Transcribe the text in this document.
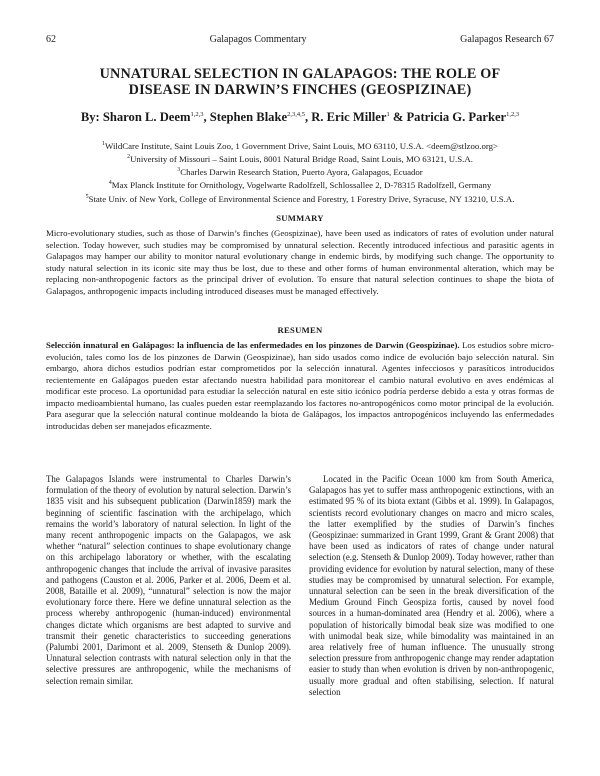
62	Galapagos Commentary	Galapagos Research 67
UNNATURAL SELECTION IN GALAPAGOS: THE ROLE OF
DISEASE IN DARWIN’S FINCHES (GEOSPIZINAE)
By: Sharon L. Deem$^{1,2,3}$, Stephen Blake$^{2,3,4,5}$, R. Eric Miller$^1$ & Patricia G. Parker$^{1,2,3}$
$^1$WildCare Institute, Saint Louis Zoo, 1 Government Drive, Saint Louis, MO 63110, U.S.A. <deem@stlzoo.org>
$^2$University of Missouri – Saint Louis, 8001 Natural Bridge Road, Saint Louis, MO 63121, U.S.A.
$^3$Charles Darwin Research Station, Puerto Ayora, Galapagos, Ecuador
$^4$Max Planck Institute for Ornithology, Vogelwarte Radolfzell, Schlossallee 2, D-78315 Radolfzell, Germany
$^5$State Univ. of New York, College of Environmental Science and Forestry, 1 Forestry Drive, Syracuse, NY 13210, U.S.A.
SUMMARY
Micro-evolutionary studies, such as those of Darwin’s finches (Geospizinae), have been used as indicators of rates of evolution under natural selection. Today however, such studies may be compromised by unnatural selection. Recently introduced infectious and parasitic agents in Galapagos may hamper our ability to monitor natural evolutionary change in endemic birds, by modifying such change. The opportunity to study natural selection in its iconic site may thus be lost, due to these and other forms of human environmental alteration, which may be replacing non-anthropogenic factors as the principal driver of evolution. To ensure that natural selection continues to shape the biota of Galapagos, anthropogenic impacts including introduced diseases must be managed effectively.
RESUMEN
Selección innatural en Galápagos: la influencia de las enfermedades en los pinzones de Darwin (Geospizinae). Los estudios sobre micro-evolución, tales como los de los pinzones de Darwin (Geospizinae), han sido usados como indice de evolución bajo selección natural. Sin embargo, ahora dichos estudios podrían estar comprometidos por la selección innatural. Agentes infecciosos y parasíticos introducidos recientemente en Galápagos pueden estar afectando nuestra habilidad para monitorear el cambio natural evolutivo en aves endémicas al modificar este proceso. La oportunidad para estudiar la selección natural en este sitio icónico podría perderse debido a esta y otras formas de impacto medioambiental humano, las cuales pueden estar reemplazando los factores no-antropogénicos como motor principal de la evolución. Para asegurar que la selección natural continue moldeando la biota de Galápagos, los impactos antropogénicos incluyendo las enfermedades introducidas deben ser manejados eficazmente.

The Galapagos Islands were instrumental to Charles Darwin’s formulation of the theory of evolution by natural selection. Darwin’s 1835 visit and his subsequent publication (Darwin1859) mark the beginning of scientific fascination with the archipelago, which remains the world’s laboratory of natural selection. In light of the many recent anthropogenic impacts on the Galapagos, we ask whether “natural” selection continues to shape evolutionary change on this archipelago laboratory or whether, with the escalating anthropogenic changes that include the arrival of invasive parasites and pathogens (Causton et al. 2006, Parker et al. 2006, Deem et al. 2008, Bataille et al. 2009), “unnatural” selection is now the major evolutionary force there. Here we define unnatural selection as the process whereby anthropogenic (human-induced) environmental changes dictate which organisms are best adapted to survive and transmit their genetic characteristics to succeeding generations (Palumbi 2001, Darimont et al. 2009, Stenseth & Dunlop 2009). Unnatural selection contrasts with natural selection only in that the selective pressures are anthropogenic, while the mechanisms of selection remain similar.

Located in the Pacific Ocean 1000 km from South America, Galapagos has yet to suffer mass anthropogenic extinctions, with an estimated 95 % of its biota extant (Gibbs et al. 1999). In Galapagos, scientists record evolutionary changes on macro and micro scales, the latter exemplified by the studies of Darwin’s finches (Geospizinae: summarized in Grant 1999, Grant & Grant 2008) that have been used as indicators of rates of change under natural selection (e.g. Stenseth & Dunlop 2009). Today however, rather than providing evidence for evolution by natural selection, many of these studies may be compromised by unnatural selection. For example, unnatural selection can be seen in the break diversification of the Medium Ground Finch Geospiza fortis, caused by novel food sources in a human-dominated area (Hendry et al. 2006), where a population of historically bimodal beak size was modified to one with unimodal beak size, while bimodality was maintained in an area relatively free of human influence. The unusually strong selection pressure from anthropogenic change may render adaptation easier to study than when evolution is driven by non-anthropogenic, usually more gradual and often stabilising, selection. If natural selection
